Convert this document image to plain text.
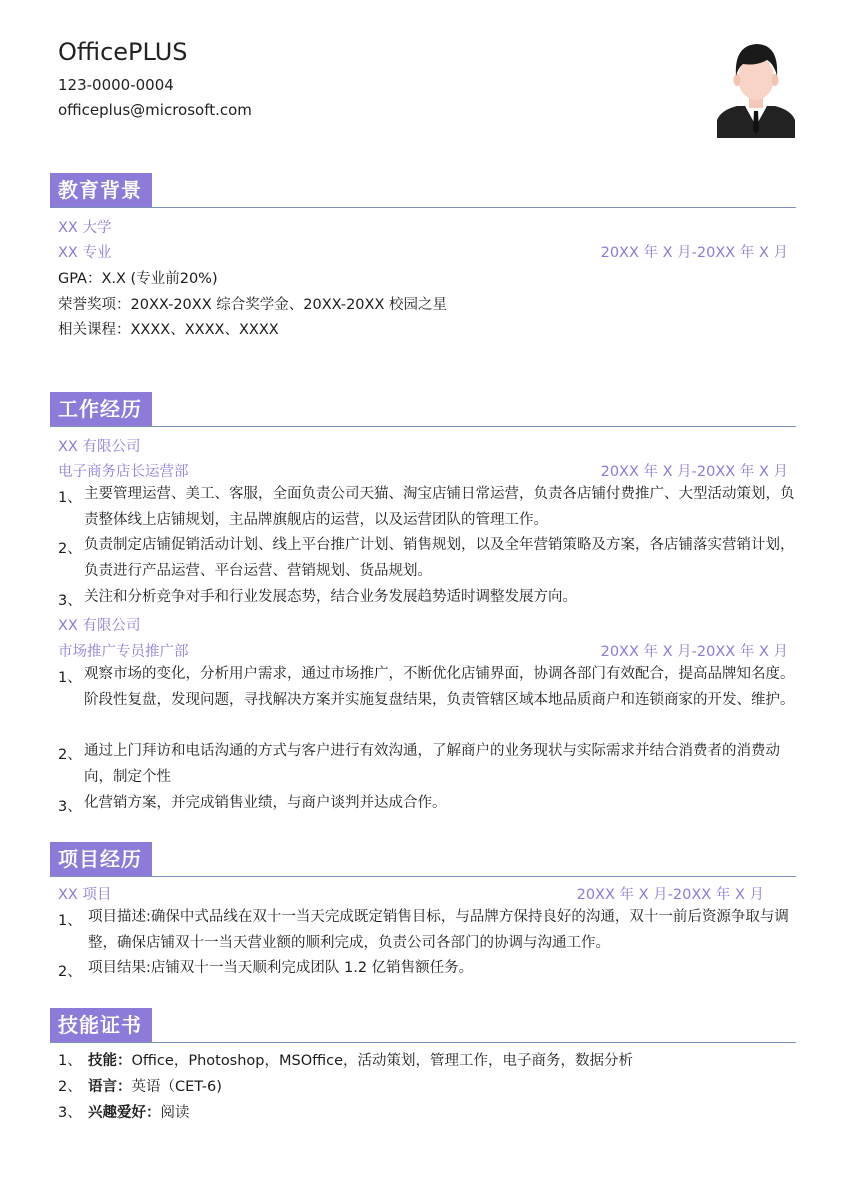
OfficePLUS
123-0000-0004
officeplus@microsoft.com
教育背景
XX 大学
XX 专业	20XX 年 X 月-20XX 年 X 月
GPA：X.X (专业前20%)
荣誉奖项：20XX-20XX 综合奖学金、20XX-20XX 校园之星
相关课程：XXXX、XXXX、XXXX
工作经历
XX 有限公司
电子商务店长运营部	20XX 年 X 月-20XX 年 X 月
1、 主要管理运营、美工、客服，全面负责公司天猫、淘宝店铺日常运营，负责各店铺付费推广、大型活动策划，负责整体线上店铺规划，主品牌旗舰店的运营，以及运营团队的管理工作。
2、 负责制定店铺促销活动计划、线上平台推广计划、销售规划，以及全年营销策略及方案，各店铺落实营销计划，负责进行产品运营、平台运营、营销规划、货品规划。
3、 关注和分析竞争对手和行业发展态势，结合业务发展趋势适时调整发展方向。
XX 有限公司
市场推广专员推广部	20XX 年 X 月-20XX 年 X 月
1、 观察市场的变化，分析用户需求，通过市场推广，不断优化店铺界面，协调各部门有效配合，提高品牌知名度。阶段性复盘，发现问题，寻找解决方案并实施复盘结果，负责管辖区域本地品质商户和连锁商家的开发、维护。
2、 通过上门拜访和电话沟通的方式与客户进行有效沟通，了解商户的业务现状与实际需求并结合消费者的消费动向，制定个性
3、 化营销方案，并完成销售业绩，与商户谈判并达成合作。
项目经历
XX 项目	20XX 年 X 月-20XX 年 X 月
1、 项目描述:确保中式品线在双十一当天完成既定销售目标，与品牌方保持良好的沟通，双十一前后资源争取与调整，确保店铺双十一当天营业额的顺利完成，负责公司各部门的协调与沟通工作。
2、 项目结果:店铺双十一当天顺利完成团队 1.2 亿销售额任务。
技能证书
1、 技能：Office，Photoshop，MSOffice，活动策划，管理工作，电子商务，数据分析
2、 语言：英语（CET-6)
3、 兴趣爱好：阅读
